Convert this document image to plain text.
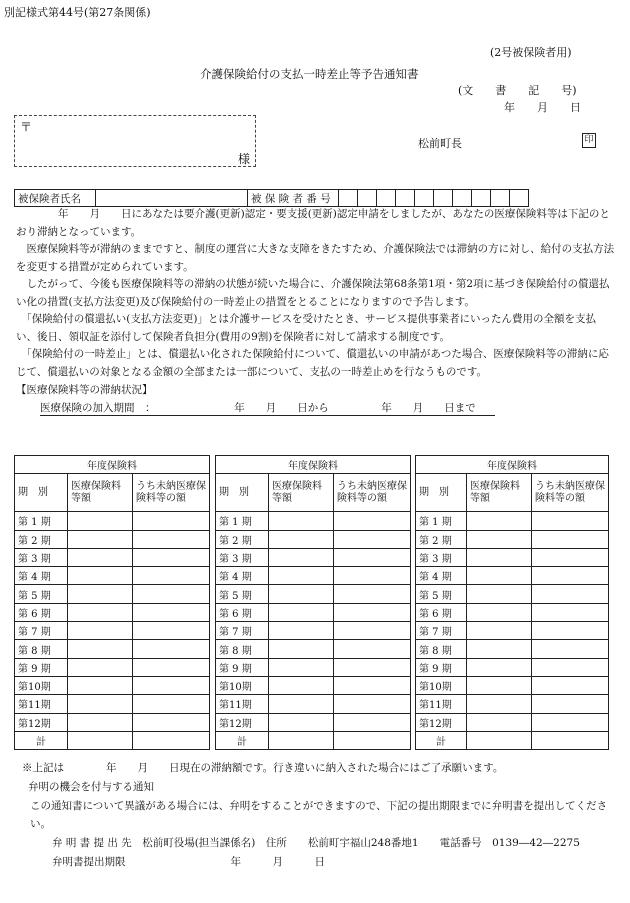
別記様式第44号(第27条関係)
(2号被保険者用)
介護保険給付の支払一時差止等予告通知書
(文　　書　　記　　号)
年　　月　　日
〒
様
松前町長	印
被保険者氏名		被 保 険 者 番 号										
　　　　年　　月　　日にあなたは要介護(更新)認定・要支援(更新)認定申請をしましたが、あなたの医療保険料等は下記のとおり滞納となっています。
　医療保険料等が滞納のままですと、制度の運営に大きな支障をきたすため、介護保険法では滞納の方に対し、給付の支払方法を変更する措置が定められています。
　したがって、今後も医療保険料等の滞納の状態が続いた場合に、介護保険法第68条第1項・第2項に基づき保険給付の償還払い化の措置(支払方法変更)及び保険給付の一時差止の措置をとることになりますので予告します。
　「保険給付の償還払い(支払方法変更)」とは介護サービスを受けたとき、サービス提供事業者にいったん費用の全額を支払い、後日、領収証を添付して保険者負担分(費用の9割)を保険者に対して請求する制度です。
　「保険給付の一時差止」とは、償還払い化された保険給付について、償還払いの申請があつた場合、医療保険料等の滞納に応じて、償還払いの対象となる金額の全部または一部について、支払の一時差止めを行なうものです。
【医療保険料等の滞納状況】
医療保険の加入期間　：　　　　　　　　年　　月　　日から　　　　　年　　月　　日まで
年度保険料		
期　別	医療保険料等額	うち未納医療保険料等の額
第 1 期		
第 2 期		
第 3 期		
第 4 期		
第 5 期		
第 6 期		
第 7 期		
第 8 期		
第 9 期		
第10期		
第11期		
第12期		
計		
年度保険料		
期　別	医療保険料等額	うち未納医療保険料等の額
第 1 期		
第 2 期		
第 3 期		
第 4 期		
第 5 期		
第 6 期		
第 7 期		
第 8 期		
第 9 期		
第10期		
第11期		
第12期		
計		
年度保険料		
期　別	医療保険料等額	うち未納医療保険料等の額
第 1 期		
第 2 期		
第 3 期		
第 4 期		
第 5 期		
第 6 期		
第 7 期		
第 8 期		
第 9 期		
第10期		
第11期		
第12期		
計		
※上記は　　　　年　　月　　日現在の滞納額です。行き違いに納入された場合にはご了承願います。
弁明の機会を付与する通知
この通知書について異議がある場合には、弁明をすることができますので、下記の提出期限までに弁明書を提出してください。
弁 明 書 提 出 先　松前町役場(担当課係名)　住所　　松前町宇福山248番地1　　電話番号　0139―42―2275
弁明書提出期限　　　　　　　　　　年　　　月　　　日
